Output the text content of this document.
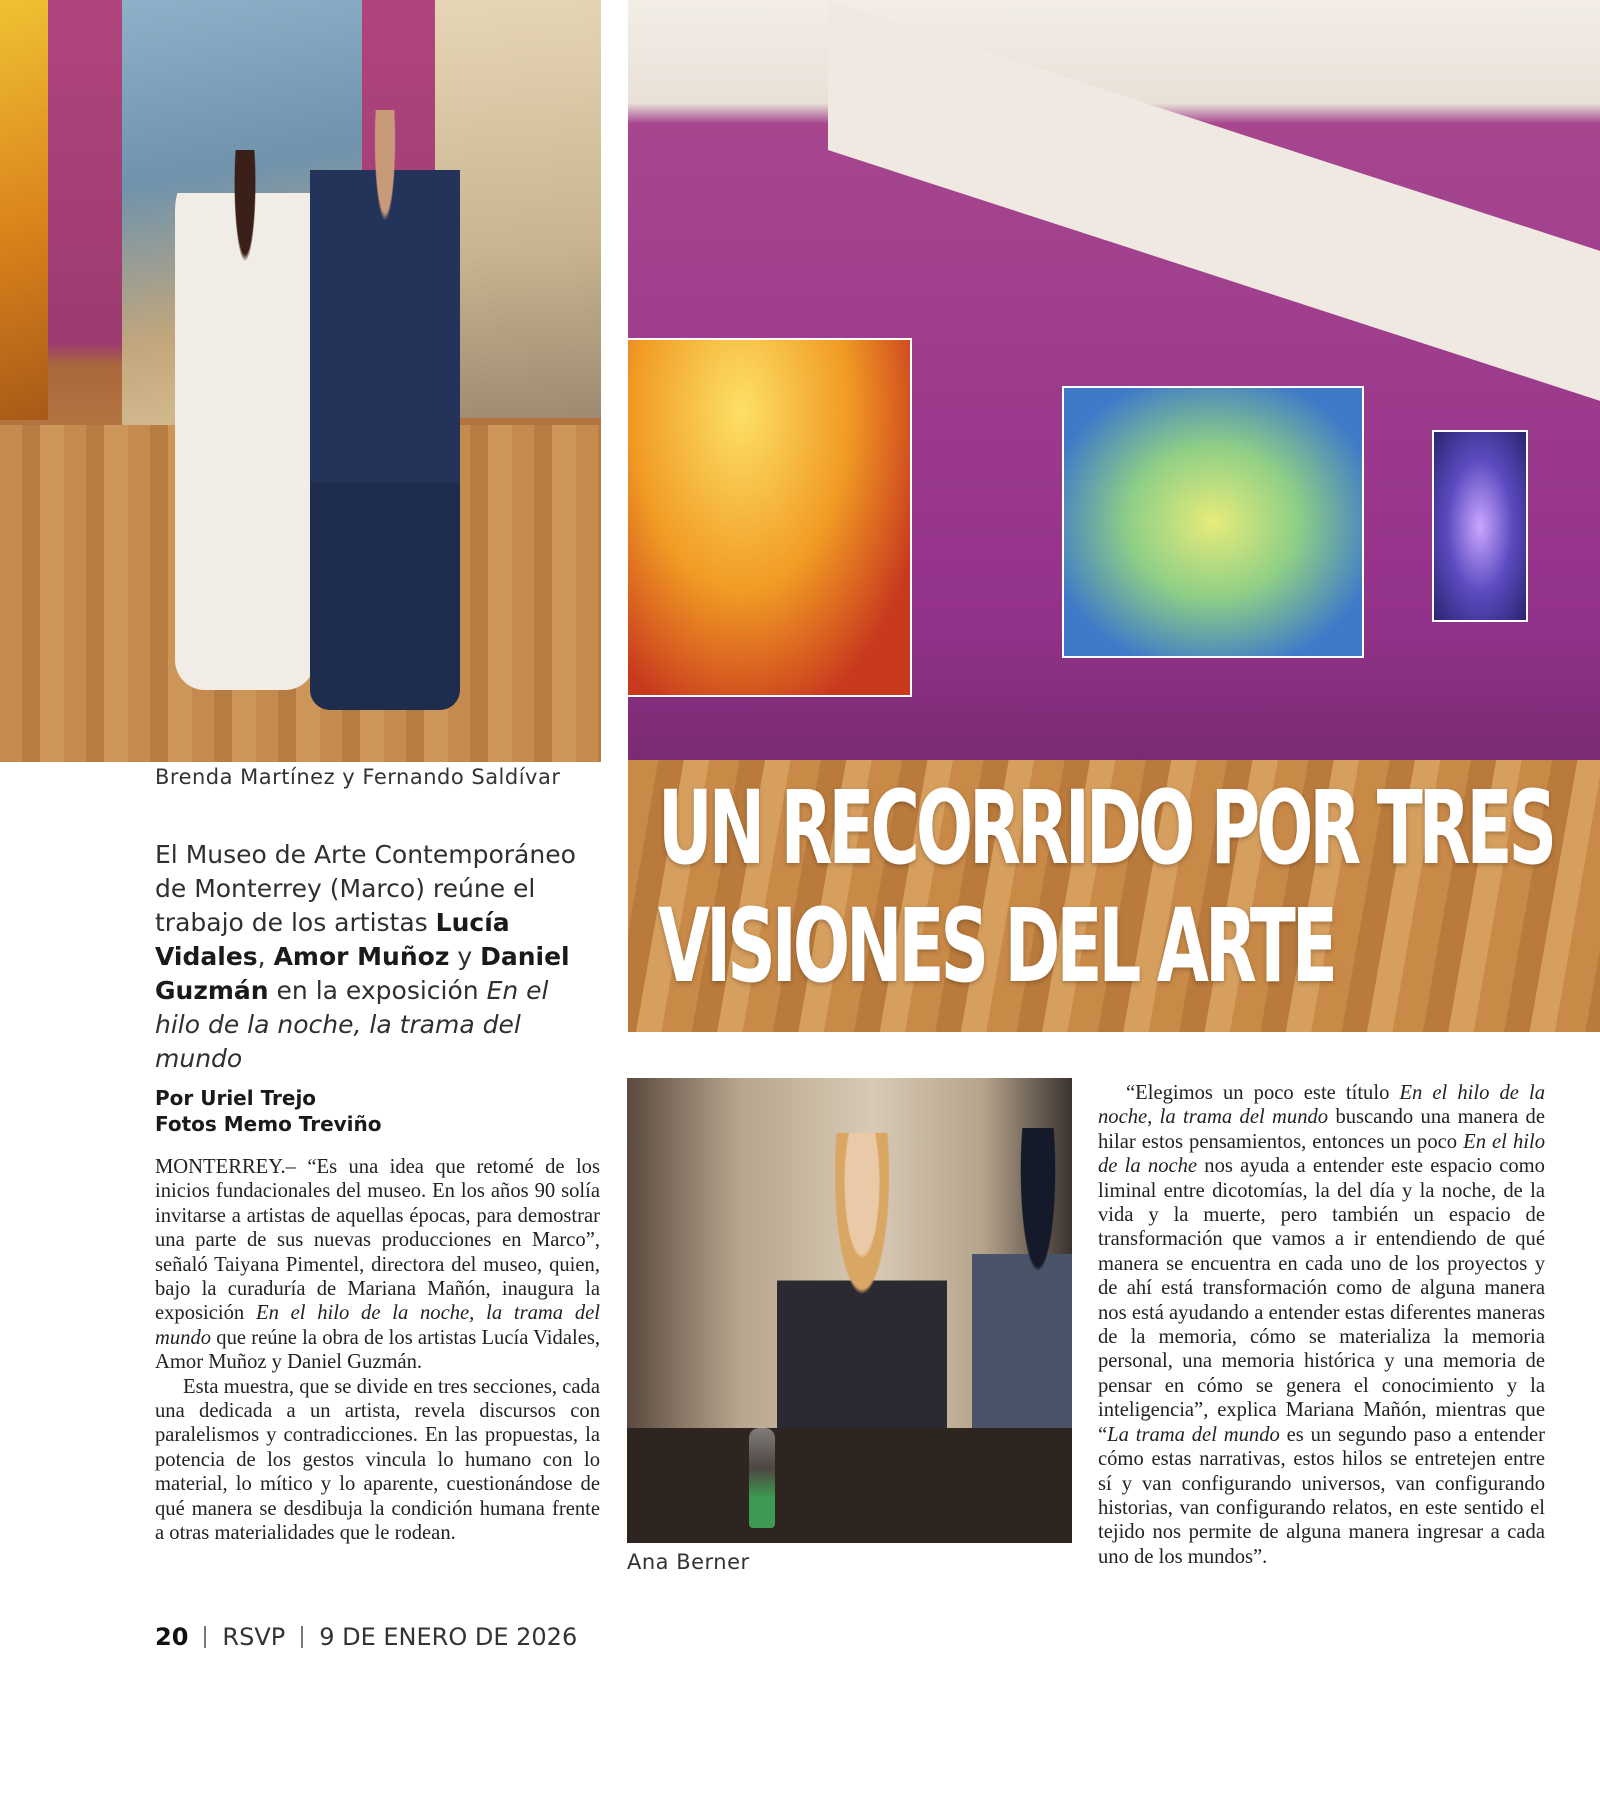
UN RECORRIDO POR TRES
VISIONES DEL ARTE
Brenda Martínez y Fernando Saldívar

El Museo de Arte Contemporáneo de Monterrey (Marco) reúne el trabajo de los artistas Lucía Vidales, Amor Muñoz y Daniel Guzmán en la exposición En el hilo de la noche, la trama del mundo

Por Uriel Trejo
Fotos Memo Treviño

MONTERREY.– “Es una idea que retomé de los inicios fundacionales del museo. En los años 90 solía invitarse a artistas de aquellas épocas, para demostrar una parte de sus nuevas producciones en Marco”, señaló Taiyana Pimentel, directora del museo, quien, bajo la curaduría de Mariana Mañón, inaugura la exposición En el hilo de la noche, la trama del mundo que reúne la obra de los artistas Lucía Vidales, Amor Muñoz y Daniel Guzmán.

Esta muestra, que se divide en tres secciones, cada una dedicada a un artista, revela discursos con paralelismos y contradicciones. En las propuestas, la potencia de los gestos vincula lo humano con lo material, lo mítico y lo aparente, cuestionándose de qué manera se desdibuja la condición humana frente a otras materialidades que le rodean.

Ana Berner

“Elegimos un poco este título En el hilo de la noche, la trama del mundo buscando una manera de hilar estos pensamientos, entonces un poco En el hilo de la noche nos ayuda a entender este espacio como liminal entre dicotomías, la del día y la noche, de la vida y la muerte, pero también un espacio de transformación que vamos a ir entendiendo de qué manera se encuentra en cada uno de los proyectos y de ahí está transformación como de alguna manera nos está ayudando a entender estas diferentes maneras de la memoria, cómo se materializa la memoria personal, una memoria histórica y una memoria de pensar en cómo se genera el conocimiento y la inteligencia”, explica Mariana Mañón, mientras que “La trama del mundo es un segundo paso a entender cómo estas narrativas, estos hilos se entretejen entre sí y van configurando universos, van configurando historias, van configurando relatos, en este sentido el tejido nos permite de alguna manera ingresar a cada uno de los mundos”.

20 RSVP 9 DE ENERO DE 2026
